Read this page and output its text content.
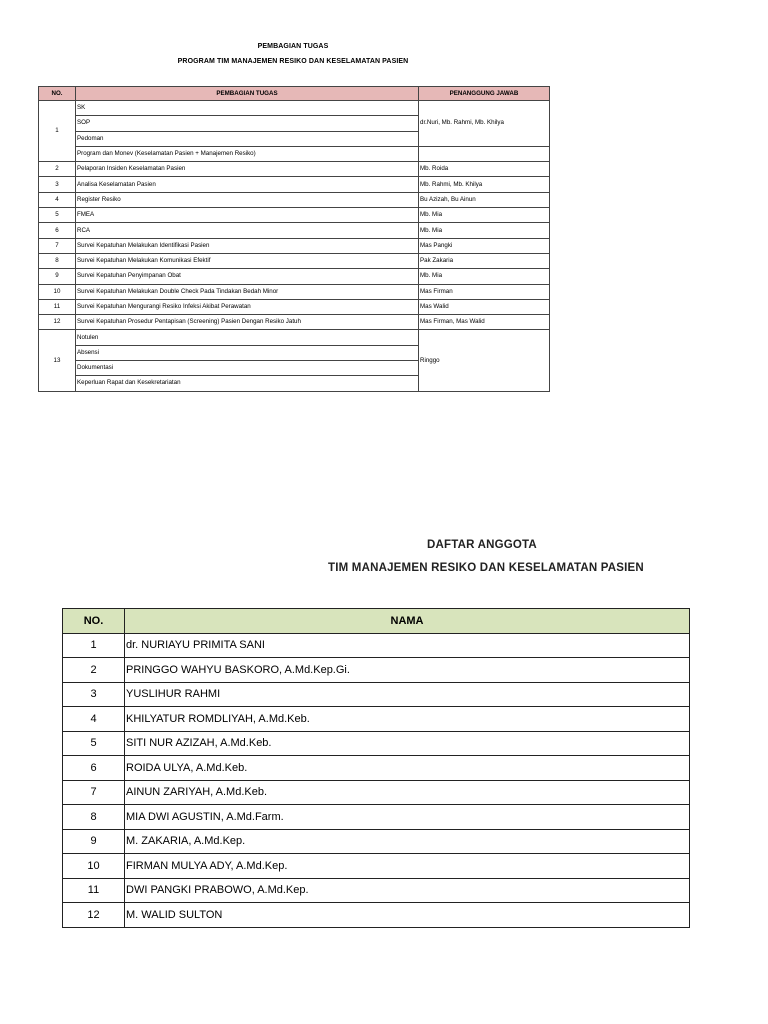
PEMBAGIAN TUGAS
PROGRAM TIM MANAJEMEN RESIKO DAN KESELAMATAN PASIEN
NO.	PEMBAGIAN TUGAS	PENANGGUNG JAWAB
1	SK	dr.Nuri, Mb. Rahmi, Mb. Khilya
	SOP	
	Pedoman	
	Program dan Monev (Keselamatan Pasien + Manajemen Resiko)	
2	Pelaporan Insiden Keselamatan Pasien	Mb. Roida
3	Analisa Keselamatan Pasien	Mb. Rahmi, Mb. Khilya
4	Register Resiko	Bu Azizah, Bu Ainun
5	FMEA	Mb. Mia
6	RCA	Mb. Mia
7	Survei Kepatuhan Melakukan Identifikasi Pasien	Mas Pangki
8	Survei Kepatuhan Melakukan Komunikasi Efektif	Pak Zakaria
9	Survei Kepatuhan Penyimpanan Obat	Mb. Mia
10	Survei Kepatuhan Melakukan Double Check Pada Tindakan Bedah Minor	Mas Firman
11	Survei Kepatuhan Mengurangi Resiko Infeksi Akibat Perawatan	Mas Walid
12	Survei Kepatuhan Prosedur Pentapisan (Screening) Pasien Dengan Resiko Jatuh	Mas Firman, Mas Walid
13	Notulen	Ringgo
	Absensi	
	Dokumentasi	
	Keperluan Rapat dan Kesekretariatan	
DAFTAR ANGGOTA
TIM MANAJEMEN RESIKO DAN KESELAMATAN PASIEN
NO.	NAMA
1	dr. NURIAYU PRIMITA SANI
2	PRINGGO WAHYU BASKORO, A.Md.Kep.Gi.
3	YUSLIHUR RAHMI
4	KHILYATUR ROMDLIYAH, A.Md.Keb.
5	SITI NUR AZIZAH, A.Md.Keb.
6	ROIDA ULYA, A.Md.Keb.
7	AINUN ZARIYAH, A.Md.Keb.
8	MIA DWI AGUSTIN, A.Md.Farm.
9	M. ZAKARIA, A.Md.Kep.
10	FIRMAN MULYA ADY, A.Md.Kep.
11	DWI PANGKI PRABOWO, A.Md.Kep.
12	M. WALID SULTON
